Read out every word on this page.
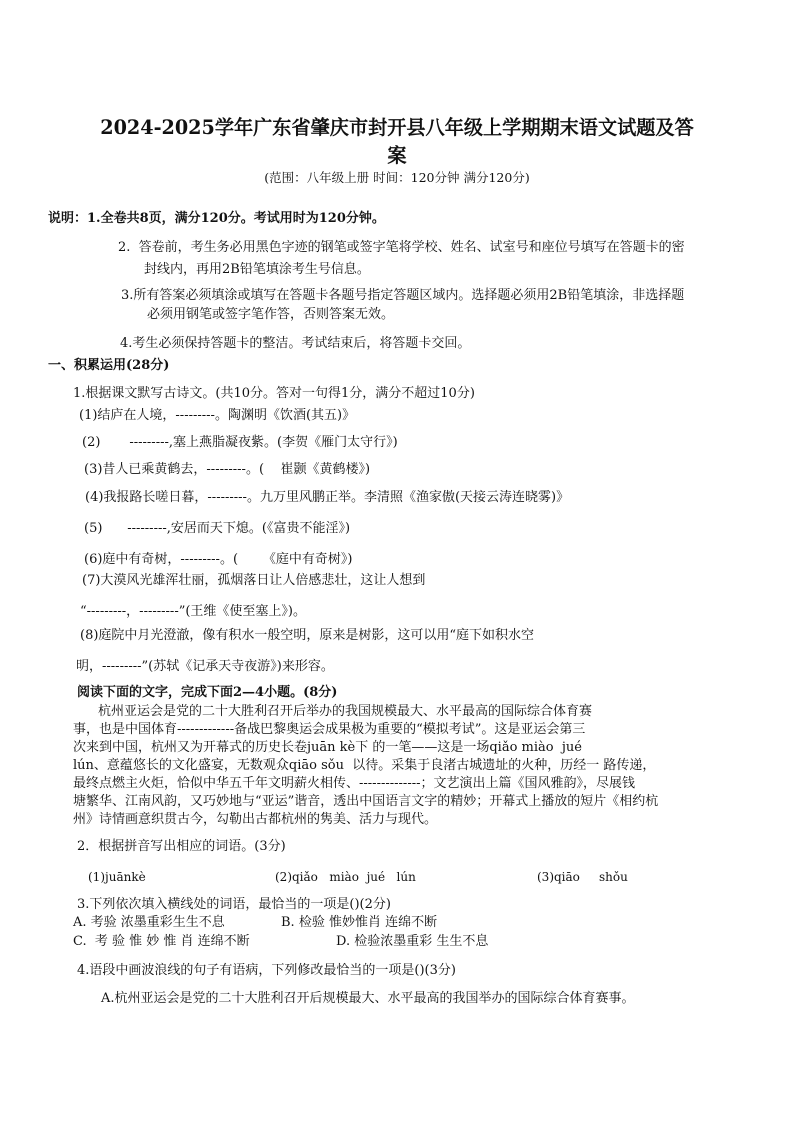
2024-2025学年广东省肇庆市封开县八年级上学期期末语文试题及答
案
(范围：八年级上册 时间：120分钟 满分120分)
说明：1.全卷共8页，满分120分。考试用时为120分钟。
2.  答卷前，考生务必用黑色字迹的钢笔或签字笔将学校、姓名、试室号和座位号填写在答题卡的密
封线内，再用2B铅笔填涂考生号信息。
3.所有答案必须填涂或填写在答题卡各题号指定答题区域内。选择题必须用2B铅笔填涂，非选择题
必须用钢笔或签字笔作答，否则答案无效。
4.考生必须保持答题卡的整洁。考试结束后，将答题卡交回。
一、积累运用(28分)
1.根据课文默写古诗文。(共10分。答对一句得1分，满分不超过10分)
(1)结庐在人境，---------。陶渊明《饮酒(其五)》
(2)       ---------,塞上燕脂凝夜紫。(李贺《雁门太守行》)
(3)昔人已乘黄鹤去，---------。(    崔颢《黄鹤楼》)
(4)我报路长嗟日暮，---------。九万里风鹏正举。李清照《渔家傲(天接云涛连晓雾)》
(5)      ---------,安居而天下熄。(《富贵不能淫》)
(6)庭中有奇树，---------。(      《庭中有奇树》)
(7)大漠风光雄浑壮丽，孤烟落日让人倍感悲壮，这让人想到
“---------，---------”(王维《使至塞上》)。
(8)庭院中月光澄澈，像有积水一般空明，原来是树影，这可以用“庭下如积水空
明，---------”(苏轼《记承天寺夜游》)来形容。
阅读下面的文字，完成下面2—4小题。(8分)
杭州亚运会是党的二十大胜利召开后举办的我国规模最大、水平最高的国际综合体育赛
事，也是中国体育-------------备战巴黎奥运会成果极为重要的“模拟考试”。这是亚运会第三
次来到中国，杭州又为开幕式的历史长卷juān kè下 的一笔——这是一场qiǎo miào  jué
lún、意蕴悠长的文化盛宴，无数观众qiāo sǒu  以待。采集于良渚古城遗址的火种，历经一 路传递，
最终点燃主火炬，恰似中华五千年文明薪火相传、--------------；文艺演出上篇《国风雅韵》，尽展钱
塘繁华、江南风韵，又巧妙地与“亚运”谐音，透出中国语言文字的精妙；开幕式上播放的短片《相约杭
州》诗情画意织贯古今，勾勒出古都杭州的隽美、活力与现代。
2．根据拼音写出相应的词语。(3分)
(1)juānkè	(2)qiǎo   miào  jué   lún	(3)qiāo     shǒu
3.下列依次填入横线处的词语，最恰当的一项是()(2分)
A. 考验 浓墨重彩生生不息	B. 检验 惟妙惟肖 连绵不断
C.  考 验 惟 妙 惟 肖 连绵不断	D. 检验浓墨重彩 生生不息
4.语段中画波浪线的句子有语病，下列修改最恰当的一项是()(3分)
A.杭州亚运会是党的二十大胜利召开后规模最大、水平最高的我国举办的国际综合体育赛事。
